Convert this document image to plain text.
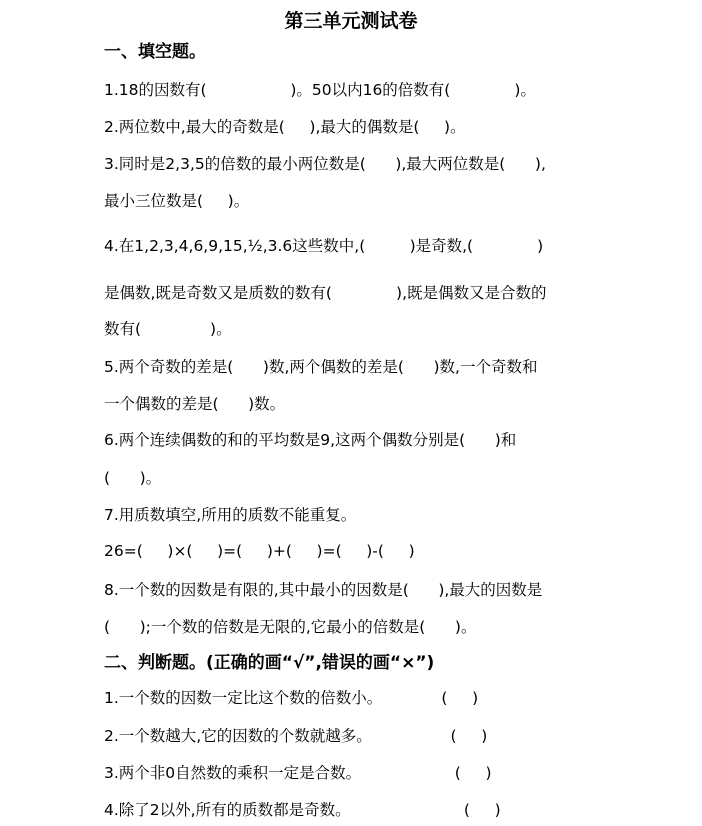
第三单元测试卷
一、填空题。
1.18的因数有(                 )。50以内16的倍数有(             )。
2.两位数中,最大的奇数是(     ),最大的偶数是(     )。
3.同时是2,3,5的倍数的最小两位数是(      ),最大两位数是(      ),
最小三位数是(     )。
4.在1,2,3,4,6,9,15,½,3.6这些数中,(         )是奇数,(             )
是偶数,既是奇数又是质数的数有(             ),既是偶数又是合数的
数有(              )。
5.两个奇数的差是(      )数,两个偶数的差是(      )数,一个奇数和
一个偶数的差是(      )数。
6.两个连续偶数的和的平均数是9,这两个偶数分别是(      )和
(      )。
7.用质数填空,所用的质数不能重复。
26=(     )×(     )=(     )+(     )=(     )-(     )
8.一个数的因数是有限的,其中最小的因数是(      ),最大的因数是
(      );一个数的倍数是无限的,它最小的倍数是(      )。
二、判断题。(正确的画“√”,错误的画“×”)
1.一个数的因数一定比这个数的倍数小。            (     )
2.一个数越大,它的因数的个数就越多。                (     )
3.两个非0自然数的乘积一定是合数。                   (     )
4.除了2以外,所有的质数都是奇数。                       (     )
